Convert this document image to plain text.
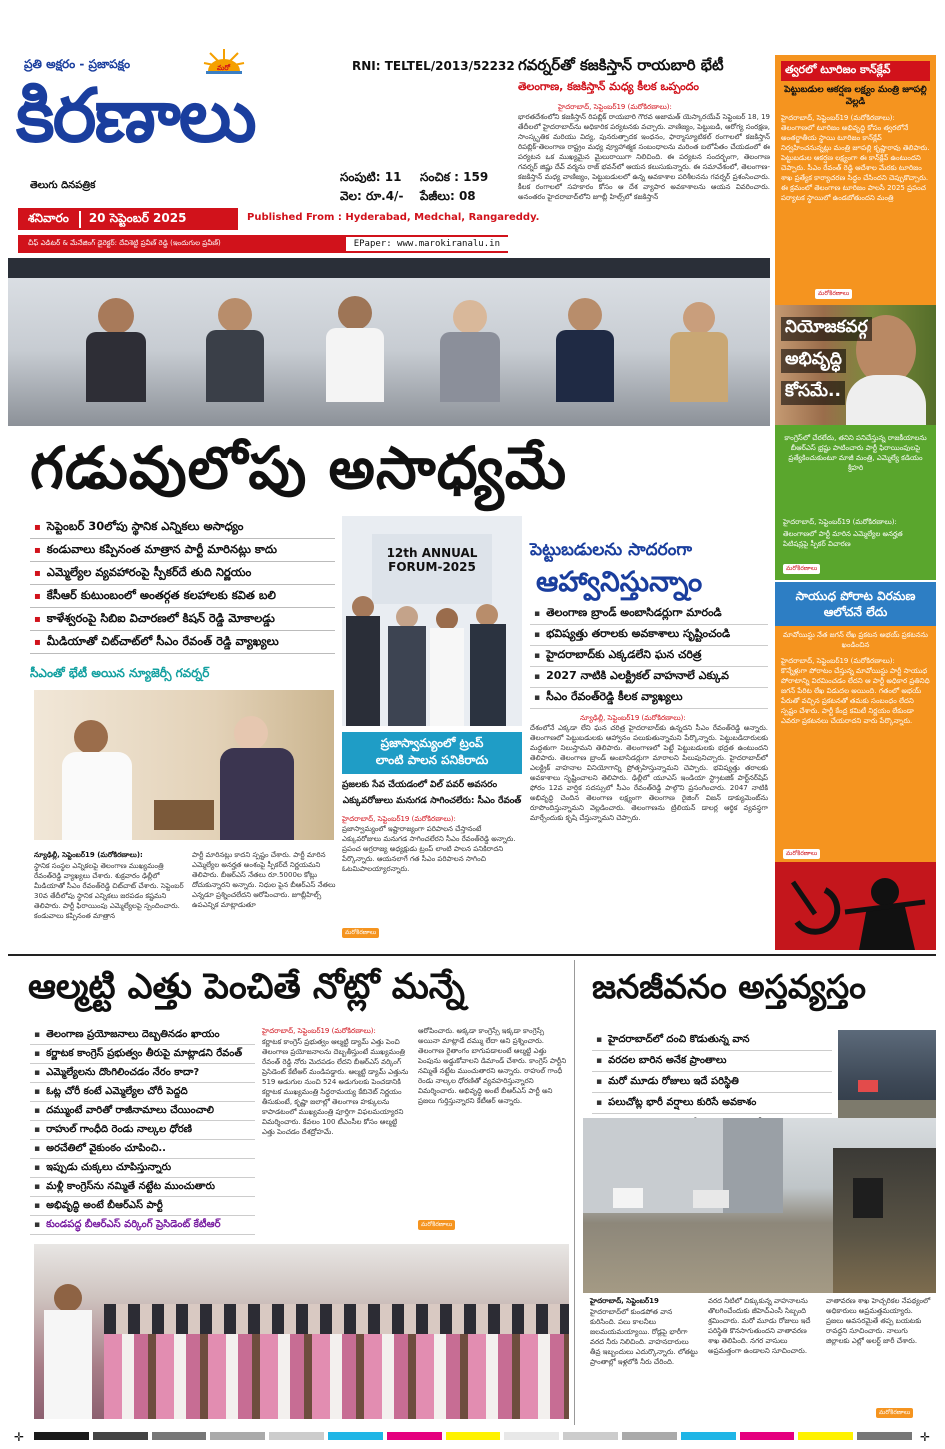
ప్రతి అక్షరం - ప్రజాపక్షం	మరో
కిరణాలు
తెలుగు దినపత్రిక
RNI: TELTEL/2013/52232
సంపుటి: 11 సంచిక : 159
వెల: రూ.4/- పేజీలు: 08
శనివారం	20 సెప్టెంబర్ 2025	Published From : Hyderabad, Medchal, Rangareddy.
చీఫ్ ఎడిటర్ & మేనేజింగ్ డైరెక్టర్: దేవిశెట్టి ప్రవీణ్ రెడ్డి (ఇందుగుల ప్రవీణ్)	EPaper: www.marokiranalu.in
గవర్నర్‌తో కజకిస్తాన్ రాయబారి భేటీ
తెలంగాణ, కజకిస్తాన్ మధ్య కీలక ఒప్పందం
హైదరాబాద్, సెప్టెంబర్19 (మరోకిరణాలు):
భారతదేశంలోని కజకిస్తాన్ రిపబ్లిక్ రాయబారి గౌరవ అజామత్ యెస్కారయేవ్ సెప్టెంబర్ 18, 19 తేదీలలో హైదరాబాద్‌ను అధికారిక పర్యటనకు వచ్చారు. వాణిజ్యం, పెట్టుబడి, ఆరోగ్య సంరక్షణ, సాంస్కృతిక మరియు విద్య, పునరుత్పాదక ఇంధనం, ఫార్మాస్యూటికల్ రంగాలలో కజకిస్తాన్ రిపబ్లిక్-తెలంగాణ రాష్ట్రం మధ్య వ్యూహాత్మక సంబంధాలను మరింత బలోపేతం చేయడంలో ఈ పర్యటన ఒక ముఖ్యమైన మైలురాయిగా నిలిచింది. ఈ పర్యటన సందర్భంగా, తెలంగాణ గవర్నర్ జిష్ణు దేవ్ వర్మను రాజ్ భవన్‌లో ఆయన కలుసుకున్నారు. ఈ సమావేశంలో, తెలంగాణ-కజకిస్తాన్ మధ్య వాణిజ్యం, పెట్టుబడులలో ఉన్న అవకాశాల పరిశీలనను గవర్నర్ ప్రశంసించారు. కీలక రంగాలలో సహకారం కోసం ఆ దేశ వ్యాపార అవకాశాలను ఆయన వివరించారు. అనంతరం హైదరాబాద్‌లోని జూబ్లీ హిల్స్‌లో కజకిస్తాన్
త్వరలో టూరిజం కాన్‌క్లేవ్
పెట్టుబడుల ఆకర్షణ లక్ష్యం మంత్రి జూపల్లి వెల్లడి
హైదరాబాద్, సెప్టెంబర్19 (మరోకిరణాలు):
తెలంగాణలో టూరిజం అభివృద్ధి కోసం త్వరలోనే అంతర్జాతీయ స్థాయి టూరిజం కాన్‌క్లేవ్ నిర్వహించనున్నట్లు మంత్రి జూపల్లి కృష్ణారావు తెలిపారు. పెట్టుబడుల ఆకర్షణ లక్ష్యంగా ఈ కాన్‌క్లేవ్ ఉంటుందని చెప్పారు. సీఎం రేవంత్ రెడ్డి ఆదేశాల మేరకు టూరిజం శాఖ ప్రత్యేక కార్యాచరణ సిద్ధం చేసిందని చెప్పుకొచ్చారు. ఈ క్రమంలో తెలంగాణ టూరిజం పాలసీ 2025 ప్రపంచ పర్యాటక స్థాయిలో ఉండబోతుందని మంత్రి
మరోకిరణాలు
నియోజకవర్గ
అభివృద్ధి
కోసమే..
కాంగ్రెస్‌లో చేరలేదు, తనిని పనిచేస్తున్న రాజకీయాలను బీఆర్ఎస్ భ్రష్టు పాటించారు పార్టీ ఫిరాయింపులపై ప్రత్యేకించుకుంటూ మాజీ మంత్రి, ఎమ్మెల్యే కడియం శ్రీహరి
హైదరాబాద్, సెప్టెంబర్19 (మరోకిరణాలు):
తెలంగాణలో పార్టీ మారిన ఎమ్మెల్యేల అనర్హత పిటిషన్లపై స్పీకర్ విచారణ
మరోకిరణాలు
సాయుధ పోరాట విరమణ ఆలోచనే లేదు
మావోయిస్టు నేత జగన్ లేఖ ప్రకటన అభయ్ ప్రకటనను ఖండించిన
హైదరాబాద్, సెప్టెంబర్19 (మరోకిరణాలు):
కొన్నేళ్లుగా పోరాటం చేస్తున్న మావోయిస్టు పార్టీ సాయుధ పోరాటాన్ని విరమించడం లేదని ఆ పార్టీ అధికార ప్రతినిధి జగన్ పేరిట లేఖ విడుదల అయింది. గతంలో అభయ్ పేరుతో వచ్చిన ప్రకటనతో తమకు సంబంధం లేదని స్పష్టం చేశారు. పార్టీ కేంద్ర కమిటీ నిర్ణయం లేకుండా ఎవరూ ప్రకటనలు చేయరాదని వారు పేర్కొన్నారు.
మరోకిరణాలు
గడువులోపు అసాధ్యమే
▪ సెప్టెంబర్ 30లోపు స్థానిక ఎన్నికలు అసాధ్యం
▪ కండువాలు కప్పినంత మాత్రాన పార్టీ మారినట్లు కాదు
▪ ఎమ్మెల్యేల వ్యవహారంపై స్పీకర్‌దే తుది నిర్ణయం
▪ కేసీఆర్ కుటుంబంలో అంతర్గత కలహాలకు కవిత బలి
▪ కాళేశ్వరంపై సిబిఐ విచారణలో కిషన్ రెడ్డి మోకాలడ్డు
▪ మీడియాతో చిట్‌చాట్‌లో సీఎం రేవంత్ రెడ్డి వ్యాఖ్యలు
సీఎంతో భేటీ అయిన న్యూజెర్సీ గవర్నర్
న్యూఢిల్లీ, సెప్టెంబర్19 (మరోకిరణాలు):
స్థానిక సంస్థల ఎన్నికలపై తెలంగాణ ముఖ్యమంత్రి రేవంత్‌రెడ్డి వ్యాఖ్యలు చేశారు. శుక్రవారం ఢిల్లీలో మీడియాతో సీఎం రేవంత్‌రెడ్డి చిట్‌చాట్ చేశారు. సెప్టెంబర్ 30వ తేదీలోపు స్థానిక ఎన్నికలు జరపడం కష్టమని తెలిపారు. పార్టీ ఫిరాయింపు ఎమ్మెల్యేలపై స్పందించారు. కండువాలు కప్పినంత మాత్రాన
పార్టీ మారినట్లు కాదని స్పష్టం చేశారు. పార్టీ మారిన ఎమ్మెల్యేల అనర్హత అంశంపై స్పీకర్‌దే నిర్ణయమని తెలిపారు. బీఆర్ఎస్ నేతలు రూ.5000ల కోట్లు దోచుకున్నారని అన్నారు. నిధుల పైన బీఆర్ఎస్ నేతలు ఎన్నడూ ప్రశ్నించలేదని ఆరోపించారు. జూబ్లీహిల్స్ ఉపఎన్నిక మాట్లాడుతూ
12th ANNUAL
FORUM-2025
ప్రజాస్వామ్యంలో ట్రంప్
లాంటి పాలన పనికిరాదు
ప్రజలకు సేవ చేయడంలో విల్ పవర్ అవసరం
ఎక్కువరోజులు మనుగడ సాగించలేరు: సీఎం రేవంత్
హైదరాబాద్, సెప్టెంబర్19 (మరోకిరణాలు):
ప్రజాస్వామ్యంలో ఇష్టారాజ్యంగా పరిపాలన చేస్తానంటే ఎక్కువరోజులు మనుగడ సాగించలేరని సీఎం రేవంత్‌రెడ్డి అన్నారు. ప్రపంచ అగ్రరాజ్య అధ్యక్షుడు ట్రంప్ లాంటి పాలన పనికిరాదని పేర్కొన్నారు. ఆయనలాగే గత సీఎం పరిపాలన సాగించి ఓటమిపాలయ్యారన్నారు.
మరోకిరణాలు
పెట్టుబడులను సాదరంగా
ఆహ్వానిస్తున్నాం
▪ తెలంగాణ బ్రాండ్ అంబాసిడర్లుగా మారండి
▪ భవిష్యత్తు తరాలకు అవకాశాలు సృష్టించండి
▪ హైదరాబాద్‌కు ఎక్కడలేని ఘన చరిత్ర
▪ 2027 నాటికి ఎలక్ట్రికల్ వాహనాలే ఎక్కువ
▪ సీఎం రేవంత్‌రెడ్డి కీలక వ్యాఖ్యలు
న్యూఢిల్లీ, సెప్టెంబర్19 (మరోకిరణాలు):
దేశంలోనే ఎక్కడా లేని ఘన చరిత్ర హైదరాబాద్‌కు ఉన్నదని సీఎం రేవంత్‌రెడ్డి అన్నారు. తెలంగాణలో పెట్టుబడులకు ఆహ్వానం పలుకుతున్నామని పేర్కొన్నారు. పెట్టుబడిదారులకు మద్దతుగా నిలుస్తామని తెలిపారు. తెలంగాణలో పెట్టే పెట్టుబడులకు భద్రత ఉంటుందని తెలిపారు. తెలంగాణ బ్రాండ్ అంబాసిడర్లుగా మారాలని పిలుపునిచ్చారు. హైదరాబాద్‌లో ఎలక్ట్రిక్ వాహనాల వినియోగాన్ని ప్రోత్సహిస్తున్నామని చెప్పారు. భవిష్యత్తు తరాలకు అవకాశాలు సృష్టించాలని తెలిపారు. ఢిల్లీలో యూఎస్ ఇండియా స్ట్రాటజిక్ పార్ట్‌నర్‌షిప్ ఫోరం 12వ వార్షిక సదస్సులో సీఎం రేవంత్‌రెడ్డి పాల్గొని ప్రసంగించారు. 2047 నాటికి అభివృద్ధి చెందిన తెలంగాణ లక్ష్యంగా తెలంగాణ రైజింగ్ విజన్ డాక్యుమెంట్‌ను రూపొందిస్తున్నామని వెల్లడించారు. తెలంగాణను ట్రిలియన్ డాలర్ల ఆర్థిక వ్యవస్థగా మార్చేందుకు కృషి చేస్తున్నామని చెప్పారు.
ఆల్మట్టి ఎత్తు పెంచితే నోట్లో మన్నే
▪ తెలంగాణ ప్రయోజనాలు దెబ్బతినడం ఖాయం
▪ కర్ణాటక కాంగ్రెస్ ప్రభుత్వం తీరుపై మాట్లాడని రేవంత్
▪ ఎమ్మెల్యేలను దొంగిలించడం నేరం కాదా?
▪ ఓట్ల చోరీ కంటే ఎమ్మెల్యేల చోరీ పెద్దది
▪ దమ్ముంటే వారితో రాజీనామాలు చేయించాలి
▪ రాహుల్ గాంధీది రెండు నాల్కల ధోరణి
▪ అరచేతిలో వైకుంఠం చూపించి..
▪ ఇప్పుడు చుక్కలు చూపిస్తున్నారు
▪ మళ్లీ కాంగ్రెస్‌ను నమ్మితే నట్టేట ముంచుతారు
▪ అభివృద్ధి అంటే బీఆర్ఎస్ పార్టీ
▪ కుండపద్ధ బీఆర్ఎస్ వర్కింగ్ ప్రెసిడెంట్ కేటీఆర్
హైదరాబాద్, సెప్టెంబర్19 (మరోకిరణాలు):
కర్ణాటక కాంగ్రెస్ ప్రభుత్వం ఆల్మట్టి డ్యామ్ ఎత్తు పెంచి తెలంగాణ ప్రయోజనాలను దెబ్బతీస్తుంటే ముఖ్యమంత్రి రేవంత్ రెడ్డి నోరు మెదపడం లేదని బీఆర్ఎస్ వర్కింగ్ ప్రెసిడెంట్ కేటీఆర్ మండిపడ్డారు. ఆల్మట్టి డ్యామ్ ఎత్తును 519 అడుగుల నుంచి 524 అడుగులకు పెంచడానికి కర్ణాటక ముఖ్యమంత్రి సిద్ధరామయ్య కేబినెట్ నిర్ణయం తీసుకుంటే, కృష్ణా జలాల్లో తెలంగాణ హక్కులను కాపాడటంలో ముఖ్యమంత్రి పూర్తిగా విఫలమయ్యారని విమర్శించారు. కేవలం 100 టీఎంసీల కోసం ఆల్మట్టి ఎత్తు పెంచడం దేశద్రోహమే.
ఆరోపించారు. అక్కడా కాంగ్రెస్సే ఇక్కడా కాంగ్రెస్సే అయినా మాట్లాడే దమ్ము లేదా అని ప్రశ్నించారు. తెలంగాణ రైతాంగం బాగుపడాలంటే ఆల్మట్టి ఎత్తు పెంపును అడ్డుకోవాలని డిమాండ్ చేశారు. కాంగ్రెస్ పార్టీని నమ్మితే నట్టేట ముంచుతారని అన్నారు. రాహుల్ గాంధీ రెండు నాల్కల ధోరణితో వ్యవహరిస్తున్నారని విమర్శించారు. అభివృద్ధి అంటే బీఆర్ఎస్ పార్టీ అని ప్రజలు గుర్తిస్తున్నారని కేటీఆర్ అన్నారు.
మరోకిరణాలు
జనజీవనం అస్తవ్యస్తం
▪ హైదరాబాద్‌లో దంచి కొడుతున్న వాన
▪ వరదల బారిన అనేక ప్రాంతాలు
▪ మరో మూడు రోజులు ఇదే పరిస్థితి
▪ పలుచోట్ల భారీ వర్షాలు కురిసే అవకాశం
▪
హైదరాబాద్, సెప్టెంబర్19
హైదరాబాద్‌లో కుండపోత వాన కురిసింది. పలు కాలనీలు జలమయమయ్యాయి. రోడ్లపై భారీగా వరద నీరు నిలిచింది. వాహనదారులు తీవ్ర ఇబ్బందులు ఎదుర్కొన్నారు. లోతట్టు ప్రాంతాల్లో ఇళ్లలోకి నీరు చేరింది.
వరద నీటిలో చిక్కుకున్న వాహనాలను తొలగించేందుకు జీహెచ్ఎంసీ సిబ్బంది శ్రమించారు. మరో మూడు రోజులు ఇదే పరిస్థితి కొనసాగుతుందని వాతావరణ శాఖ తెలిపింది. నగర వాసులు అప్రమత్తంగా ఉండాలని సూచించారు.
వాతావరణ శాఖ హెచ్చరికల నేపథ్యంలో అధికారులు అప్రమత్తమయ్యారు. ప్రజలు అవసరమైతే తప్ప బయటకు రావద్దని సూచించారు. నాలుగు జిల్లాలకు ఎల్లో అలర్ట్ జారీ చేశారు.
మరోకిరణాలు
✛	✛
